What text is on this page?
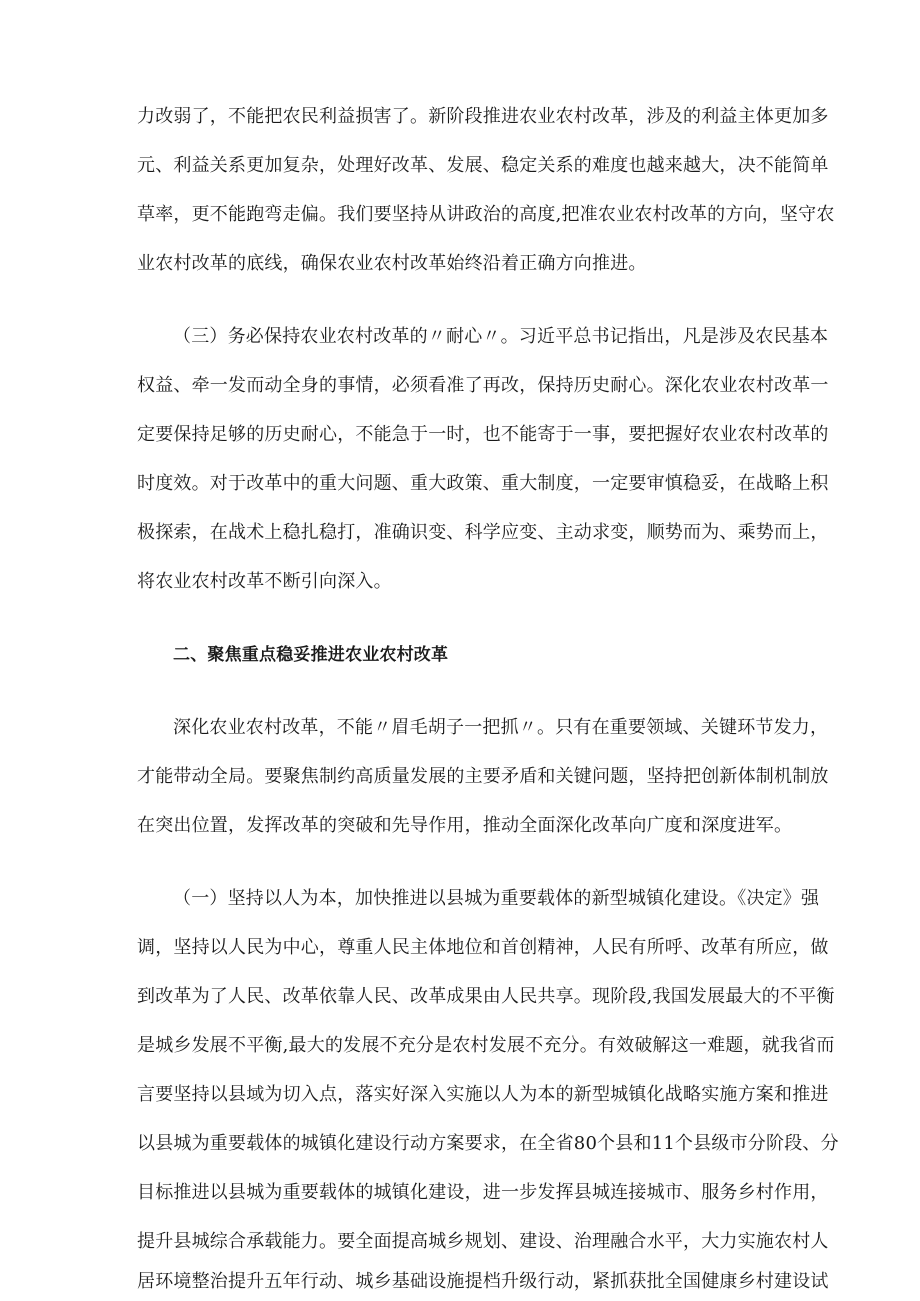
力改弱了，不能把农民利益损害了。新阶段推进农业农村改革，涉及的利益主体更加多
元、利益关系更加复杂，处理好改革、发展、稳定关系的难度也越来越大，决不能简单
草率，更不能跑弯走偏。我们要坚持从讲政治的高度,把准农业农村改革的方向，坚守农
业农村改革的底线，确保农业农村改革始终沿着正确方向推进。
（三）务必保持农业农村改革的〃耐心〃。习近平总书记指出，凡是涉及农民基本
权益、牵一发而动全身的事情，必须看准了再改，保持历史耐心。深化农业农村改革一
定要保持足够的历史耐心，不能急于一时，也不能寄于一事，要把握好农业农村改革的
时度效。对于改革中的重大问题、重大政策、重大制度，一定要审慎稳妥，在战略上积
极探索，在战术上稳扎稳打，准确识变、科学应变、主动求变，顺势而为、乘势而上，
将农业农村改革不断引向深入。
二、聚焦重点稳妥推进农业农村改革
深化农业农村改革，不能〃眉毛胡子一把抓〃。只有在重要领域、关键环节发力，
才能带动全局。要聚焦制约高质量发展的主要矛盾和关键问题，坚持把创新体制机制放
在突出位置，发挥改革的突破和先导作用，推动全面深化改革向广度和深度进军。
（一）坚持以人为本，加快推进以县城为重要载体的新型城镇化建设。《决定》强
调，坚持以人民为中心，尊重人民主体地位和首创精神，人民有所呼、改革有所应，做
到改革为了人民、改革依靠人民、改革成果由人民共享。现阶段,我国发展最大的不平衡
是城乡发展不平衡,最大的发展不充分是农村发展不充分。有效破解这一难题，就我省而
言要坚持以县域为切入点，落实好深入实施以人为本的新型城镇化战略实施方案和推进
以县城为重要载体的城镇化建设行动方案要求，在全省80个县和11个县级市分阶段、分
目标推进以县城为重要载体的城镇化建设，进一步发挥县城连接城市、服务乡村作用，
提升县城综合承载能力。要全面提高城乡规划、建设、治理融合水平，大力实施农村人
居环境整治提升五年行动、城乡基础设施提档升级行动，紧抓获批全国健康乡村建设试
